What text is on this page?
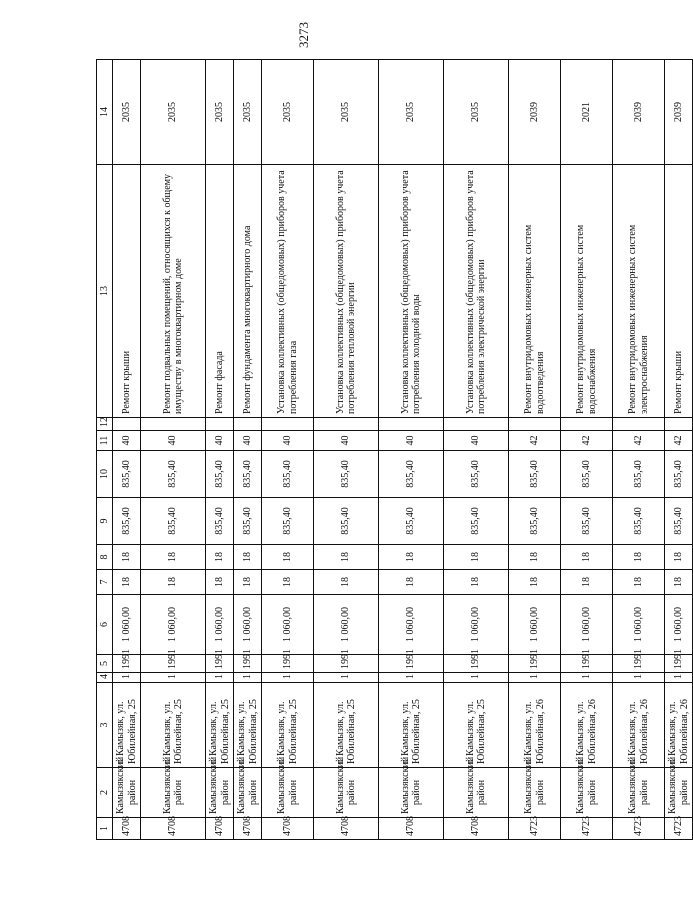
3273
1	2	3	4	5	6	7	8	9	10	11	12	13	14
4708	Камызякский район	г. Камызяк, ул. Юбилейная, 25	1	1991	1 060,00	18	18	835,40	835,40	40		Ремонт крыши	2035
4708	Камызякский район	г. Камызяк, ул. Юбилейная, 25	1	1991	1 060,00	18	18	835,40	835,40	40		Ремонт подвальных помещений, относящихся к общему имуществу в многоквартирном доме	2035
4708	Камызякский район	г. Камызяк, ул. Юбилейная, 25	1	1991	1 060,00	18	18	835,40	835,40	40		Ремонт фасада	2035
4708	Камызякский район	г. Камызяк, ул. Юбилейная, 25	1	1991	1 060,00	18	18	835,40	835,40	40		Ремонт фундамента многоквартирного дома	2035
4708	Камызякский район	г. Камызяк, ул. Юбилейная, 25	1	1991	1 060,00	18	18	835,40	835,40	40		Установка коллективных (общедомовых) приборов учета потребления газа	2035
4708	Камызякский район	г. Камызяк, ул. Юбилейная, 25	1	1991	1 060,00	18	18	835,40	835,40	40		Установка коллективных (общедомовых) приборов учета потребления тепловой энергии	2035
4708	Камызякский район	г. Камызяк, ул. Юбилейная, 25	1	1991	1 060,00	18	18	835,40	835,40	40		Установка коллективных (общедомовых) приборов учета потребления холодной воды	2035
4708	Камызякский район	г. Камызяк, ул. Юбилейная, 25	1	1991	1 060,00	18	18	835,40	835,40	40		Установка коллективных (общедомовых) приборов учета потребления электрической энергии	2035
4723	Камызякский район	г. Камызяк, ул. Юбилейная, 26	1	1991	1 060,00	18	18	835,40	835,40	42		Ремонт внутридомовых инженерных систем водоотведения	2039
4723	Камызякский район	г. Камызяк, ул. Юбилейная, 26	1	1991	1 060,00	18	18	835,40	835,40	42		Ремонт внутридомовых инженерных систем водоснабжения	2021
4723	Камызякский район	г. Камызяк, ул. Юбилейная, 26	1	1991	1 060,00	18	18	835,40	835,40	42		Ремонт внутридомовых инженерных систем электроснабжения	2039
4723	Камызякский район	г. Камызяк, ул. Юбилейная, 26	1	1991	1 060,00	18	18	835,40	835,40	42		Ремонт крыши	2039
